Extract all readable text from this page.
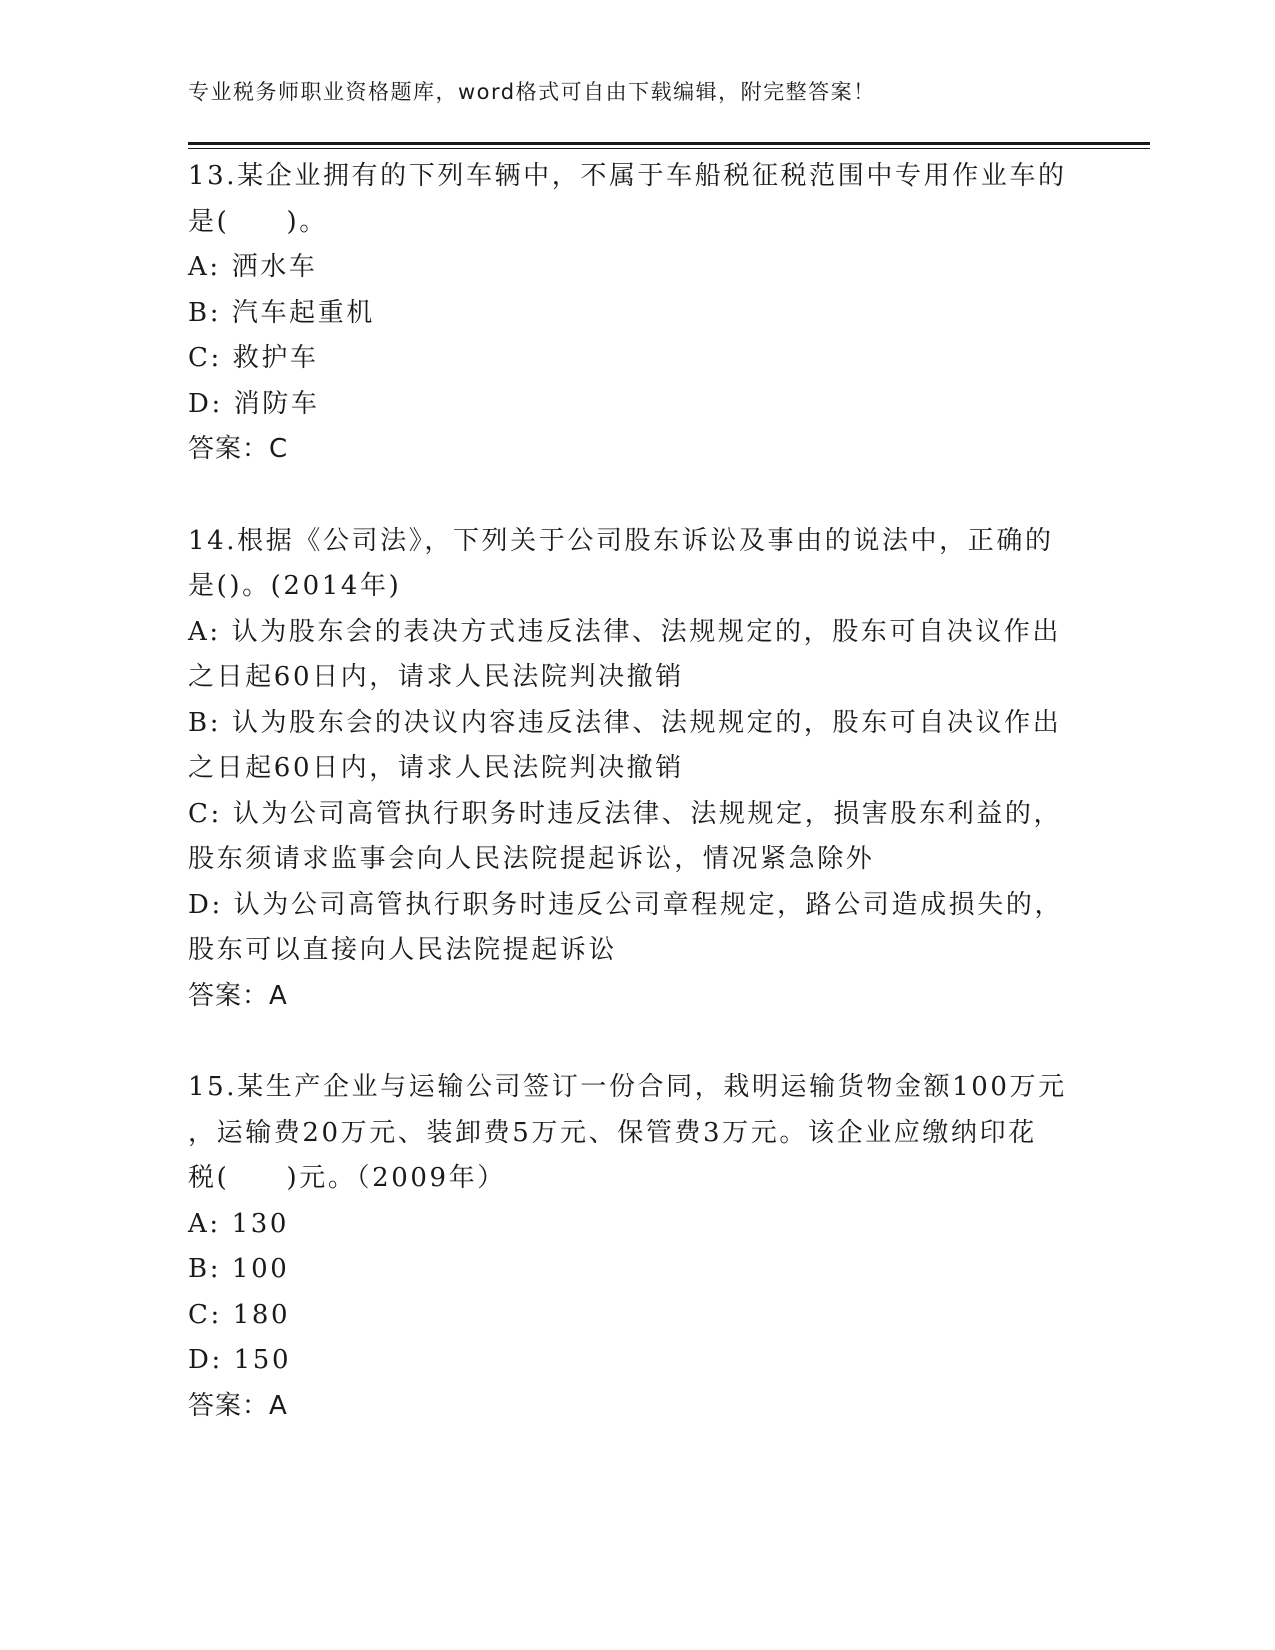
专业税务师职业资格题库，word格式可自由下载编辑，附完整答案！
13.某企业拥有的下列车辆中，不属于车船税征税范围中专用作业车的
是(　　)。
A: 洒水车
B: 汽车起重机
C: 救护车
D: 消防车
答案：C
14.根据《公司法》，下列关于公司股东诉讼及事由的说法中，正确的
是()。(2014年)
A: 认为股东会的表决方式违反法律、法规规定的，股东可自决议作出
之日起60日内，请求人民法院判决撤销
B: 认为股东会的决议内容违反法律、法规规定的，股东可自决议作出
之日起60日内，请求人民法院判决撤销
C: 认为公司高管执行职务时违反法律、法规规定，损害股东利益的，
股东须请求监事会向人民法院提起诉讼，情况紧急除外
D: 认为公司高管执行职务时违反公司章程规定，路公司造成损失的，
股东可以直接向人民法院提起诉讼
答案：A
15.某生产企业与运输公司签订一份合同，栽明运输货物金额100万元
，运输费20万元、装卸费5万元、保管费3万元。该企业应缴纳印花
税(　　)元。（2009年）
A: 130
B: 100
C: 180
D: 150
答案：A
